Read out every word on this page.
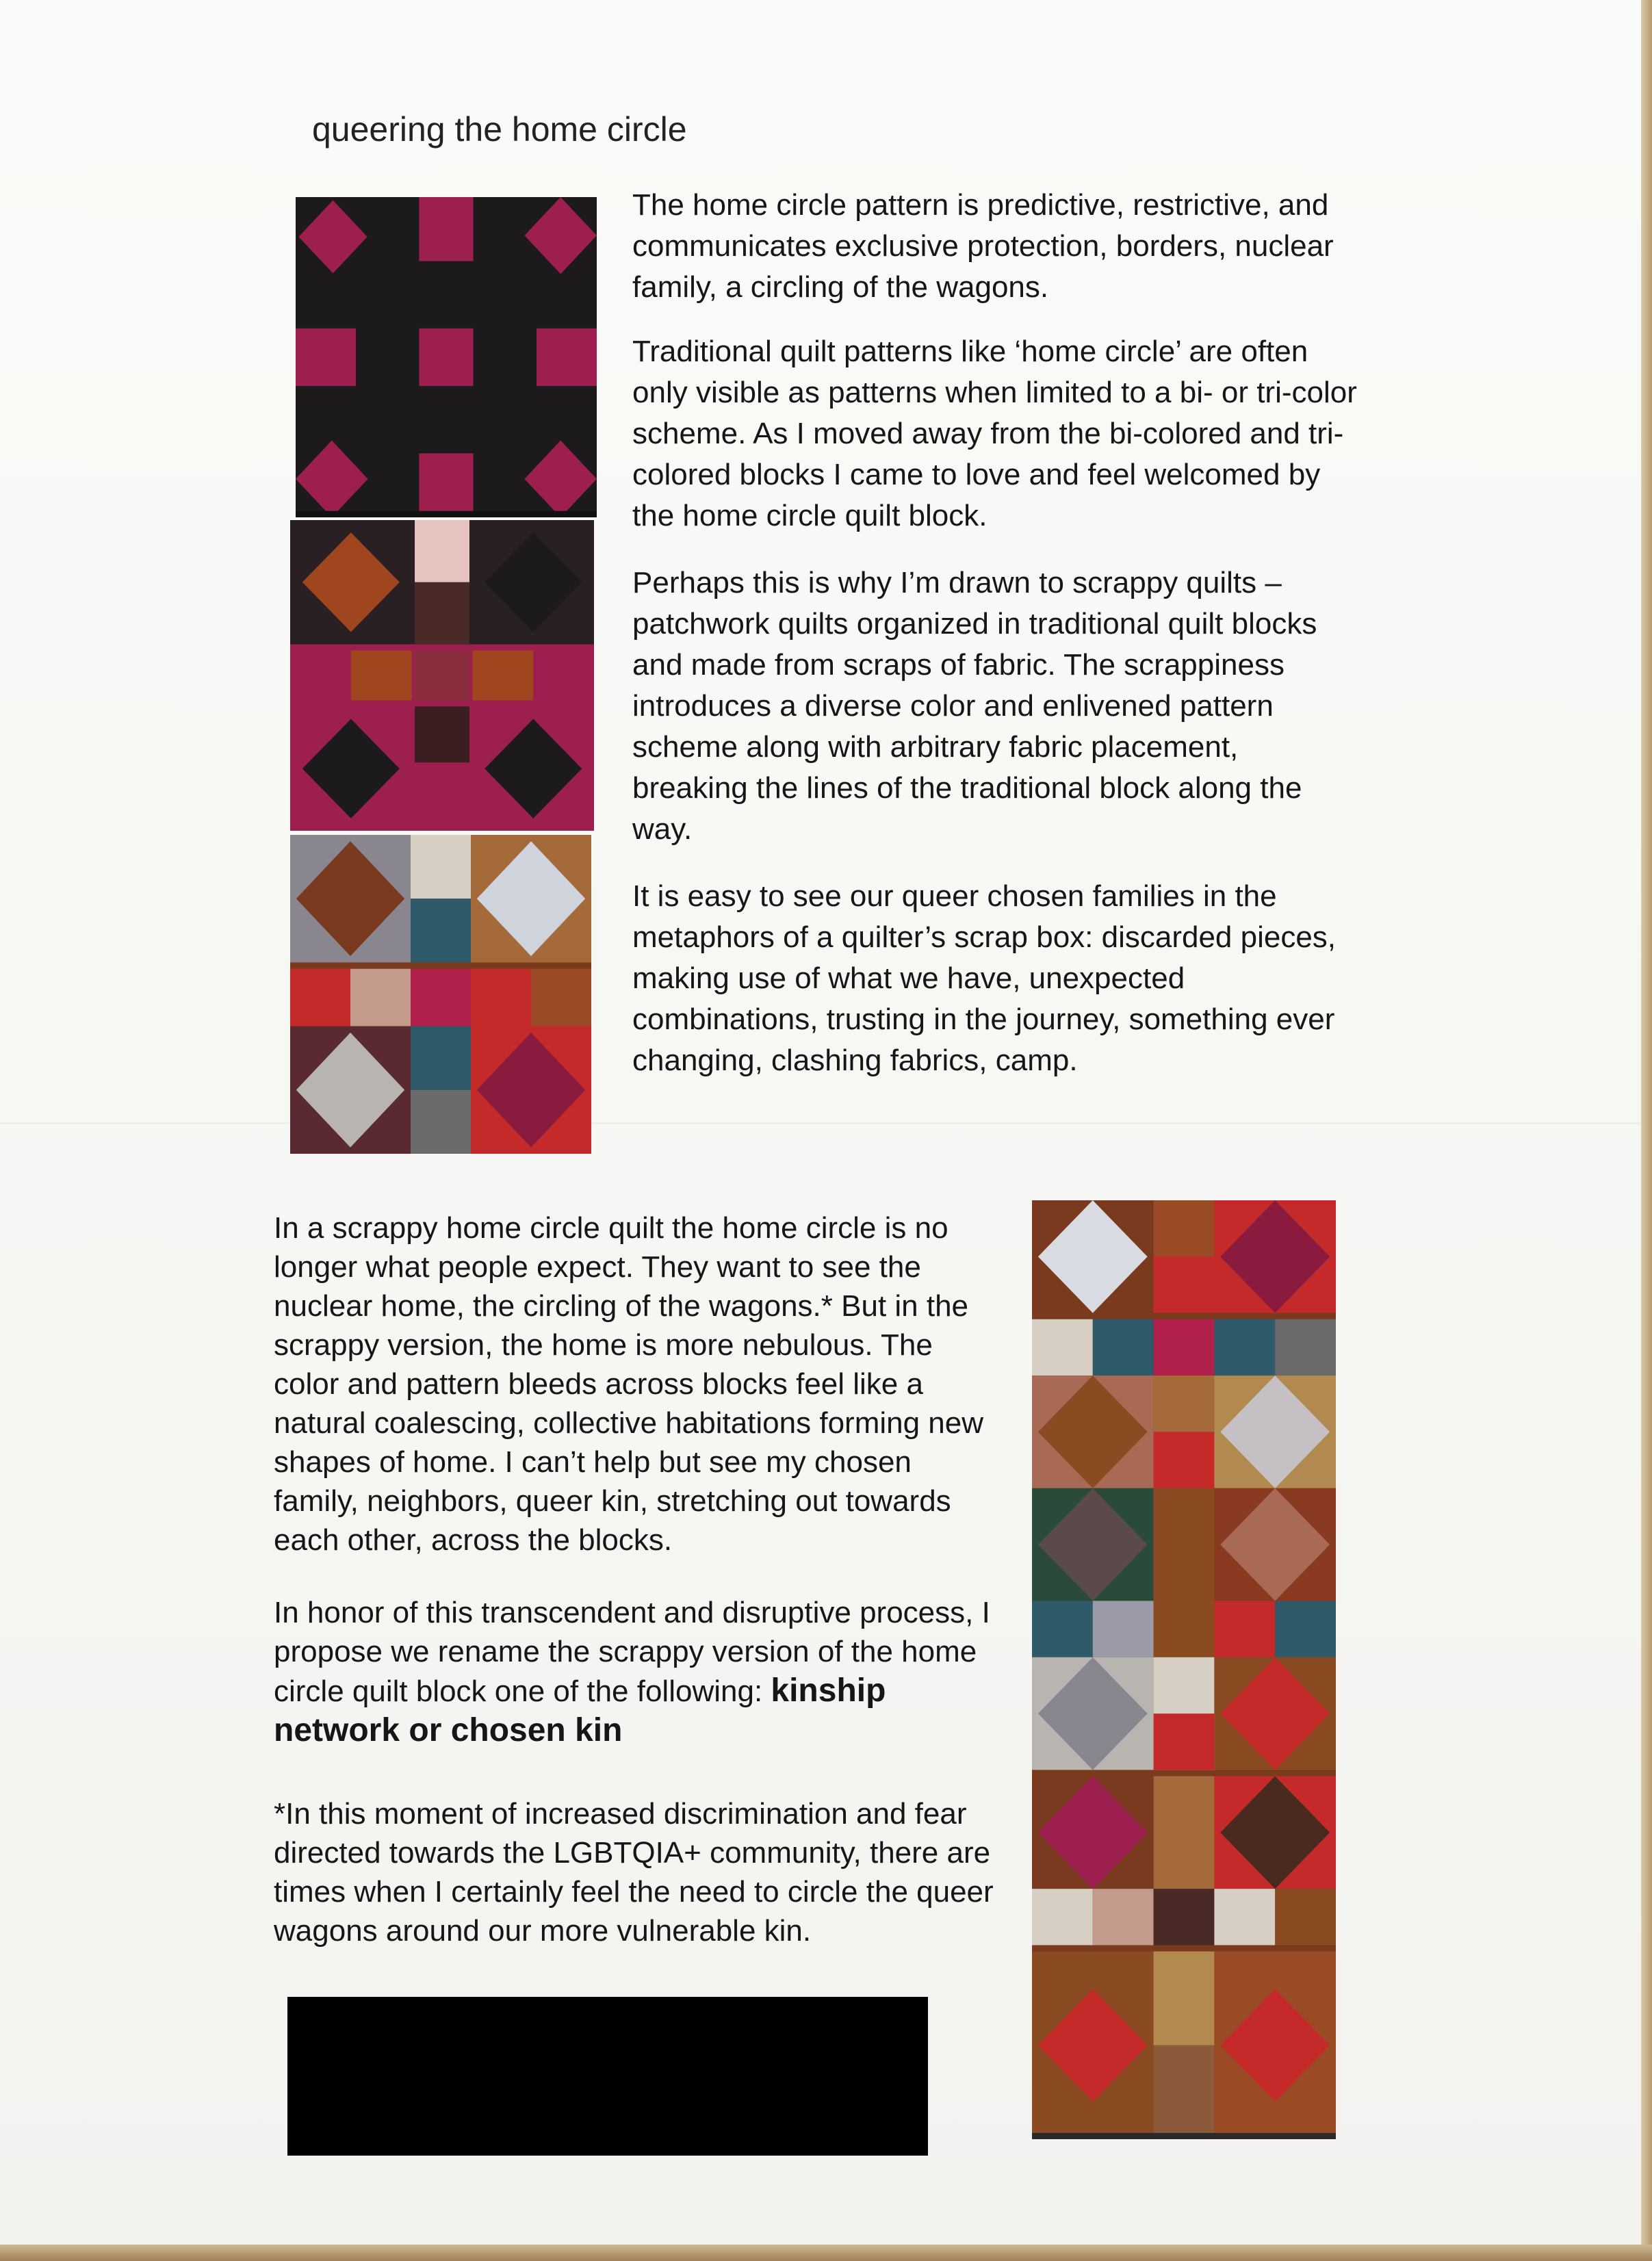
queering the home circle

The home circle pattern is predictive, restrictive, and communicates exclusive protection, borders, nuclear family, a circling of the wagons.

Traditional quilt patterns like ‘home circle’ are often only visible as patterns when limited to a bi- or tri-color scheme. As I moved away from the bi-colored and tri-colored blocks I came to love and feel welcomed by the home circle quilt block.

Perhaps this is why I’m drawn to scrappy quilts – patchwork quilts organized in traditional quilt blocks and made from scraps of fabric. The scrappiness introduces a diverse color and enlivened pattern scheme along with arbitrary fabric placement, breaking the lines of the traditional block along the way.

It is easy to see our queer chosen families in the metaphors of a quilter’s scrap box: discarded pieces, making use of what we have, unexpected combinations, trusting in the journey, something ever changing, clashing fabrics, camp.

In a scrappy home circle quilt the home circle is no longer what people expect. They want to see the nuclear home, the circling of the wagons.* But in the scrappy version, the home is more nebulous. The color and pattern bleeds across blocks feel like a natural coalescing, collective habitations forming new shapes of home. I can’t help but see my chosen family, neighbors, queer kin, stretching out towards each other, across the blocks.

In honor of this transcendent and disruptive process, I propose we rename the scrappy version of the home circle quilt block one of the following: kinship network or chosen kin

*In this moment of increased discrimination and fear directed towards the LGBTQIA+ community, there are times when I certainly feel the need to circle the queer wagons around our more vulnerable kin.
